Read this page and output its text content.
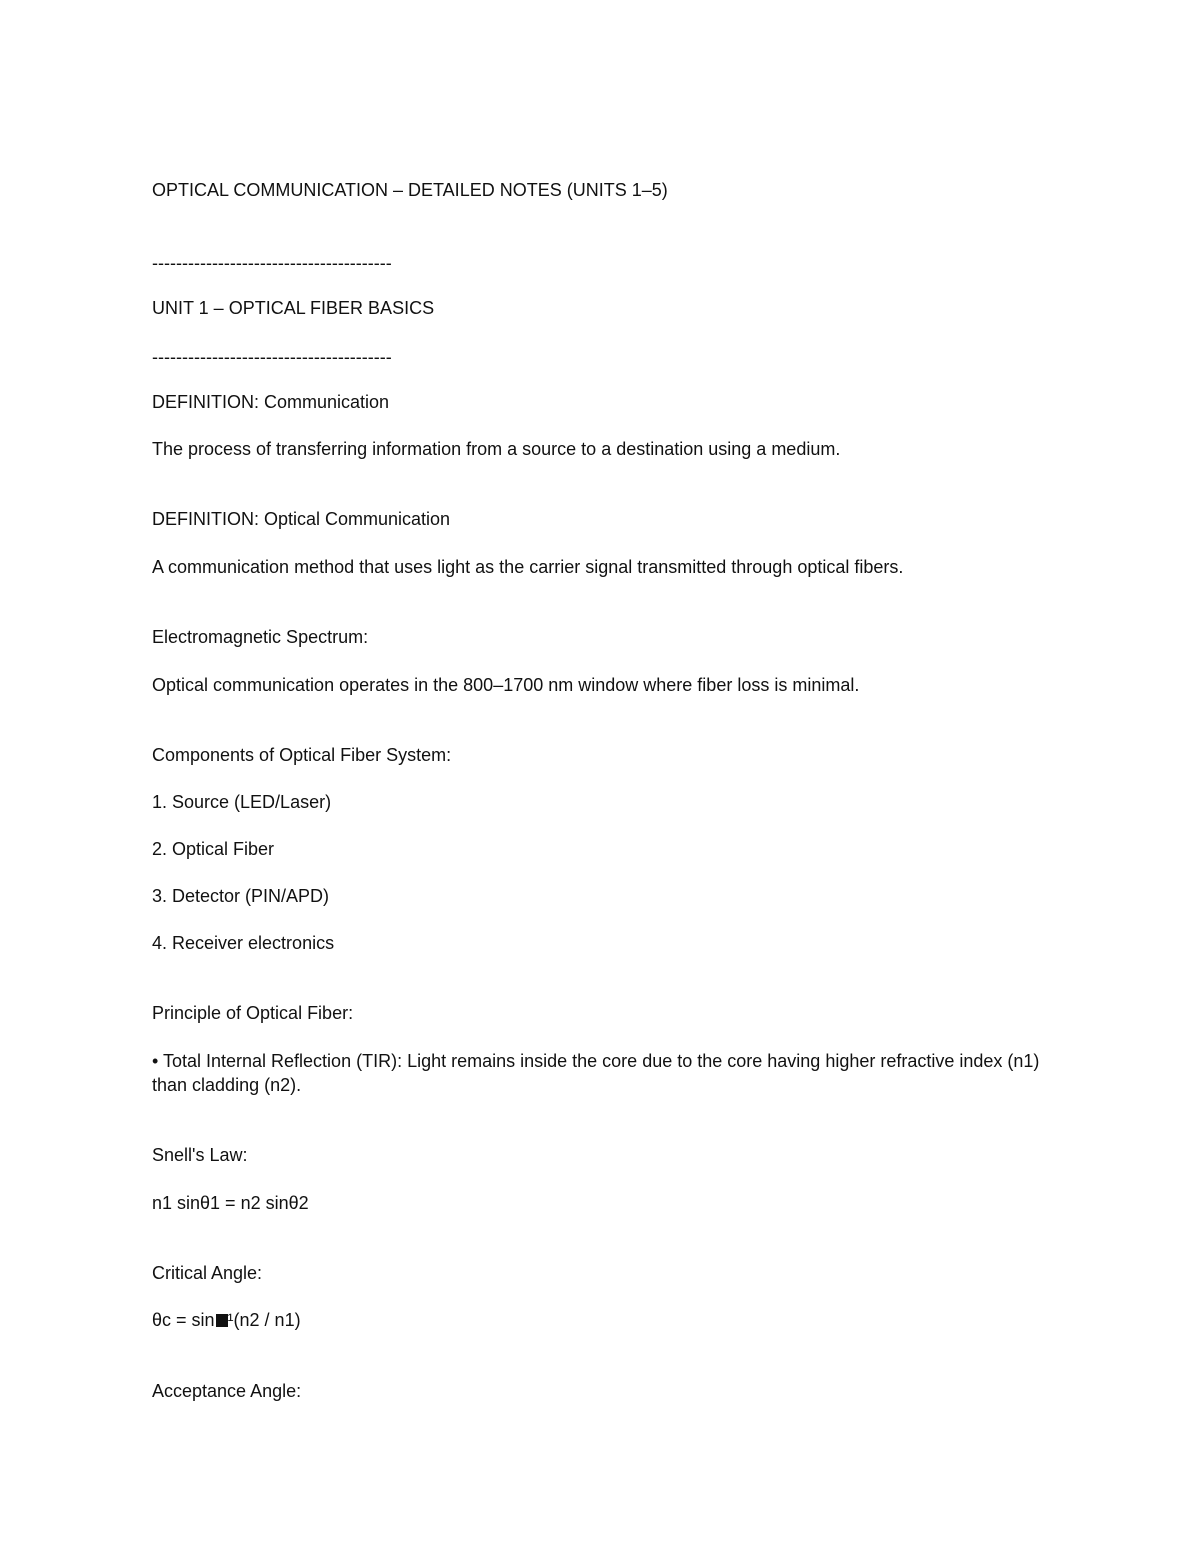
OPTICAL COMMUNICATION – DETAILED NOTES (UNITS 1–5)

----------------------------------------

UNIT 1 – OPTICAL FIBER BASICS

----------------------------------------

DEFINITION: Communication

The process of transferring information from a source to a destination using a medium.

DEFINITION: Optical Communication

A communication method that uses light as the carrier signal transmitted through optical fibers.

Electromagnetic Spectrum:

Optical communication operates in the 800–1700 nm window where fiber loss is minimal.

Components of Optical Fiber System:

1. Source (LED/Laser)

2. Optical Fiber

3. Detector (PIN/APD)

4. Receiver electronics

Principle of Optical Fiber:

• Total Internal Reflection (TIR): Light remains inside the core due to the core having higher refractive index (n1) than cladding (n2).

Snell's Law:

n1 sinθ1 = n2 sinθ2

Critical Angle:

θc = sin ¹(n2 / n1)

Acceptance Angle:
